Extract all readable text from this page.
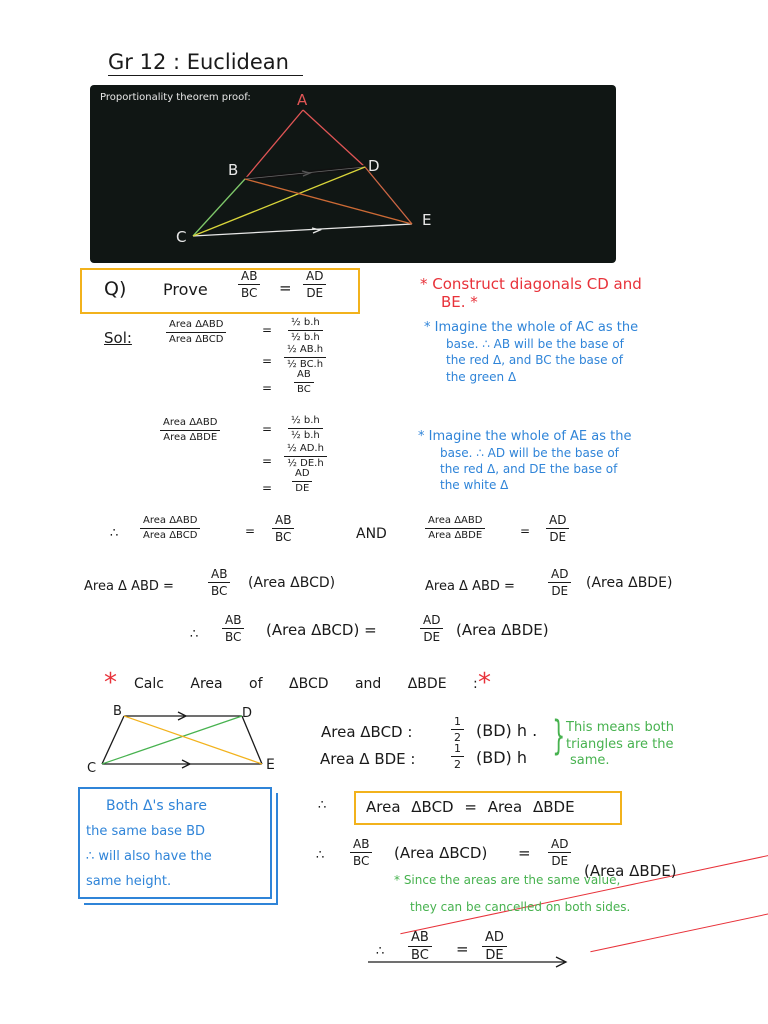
Gr 12 : Euclidean
Proportionality theorem proof:	A
B
C
D
E
Q) Prove	$\frac{AB}{BC} = \frac{AD}{DE}$	* Construct diagonals CD and
BE. *
Sol:
Area ΔABD
Area ΔBCD
= $\frac{\text{½ b.h}}{\text{½ b.h}}$
= $\frac{\text{½ AB.h}}{\text{½ BC.h}}$
= $\frac{AB}{BC}$
* Imagine the whole of AC as the
base. ∴ AB will be the base of
the red Δ, and BC the base of
the green Δ
Area ΔABD
Area ΔBDE
= $\frac{\text{½ b.h}}{\text{½ b.h}}$
= $\frac{\text{½ AD.h}}{\text{½ DE.h}}$
= $\frac{AD}{DE}$
* Imagine the whole of AE as the
base. ∴ AD will be the base of
the red Δ, and DE the base of
the white Δ
∴
Area ΔABD
Area ΔBCD	= $\frac{AB}{BC}$	AND
Area ΔABD
Area ΔBDE	= $\frac{AD}{DE}$
Area Δ ABD =	$\frac{AB}{BC}$ (Area ΔBCD)	Area Δ ABD =	$\frac{AD}{DE}$ (Area ΔBDE)
∴ $\frac{AB}{BC}$ (Area ΔBCD) =	$\frac{AD}{DE}$ (Area ΔBDE)
* Calc Area of ΔBCD and ΔBDE : *
B	D
C	E
Area ΔBCD :	$\frac{1}{2} (BD)$ h .
Area Δ BDE :	$\frac{1}{2} (BD)$ h } This means both
triangles are the
same.
Both Δ's share
the same base BD
∴ will also have the
same height.
∴	Area ΔBCD = Area ΔBDE
∴ $\frac{AB}{BC}$ (Area ΔBCD)	= $\frac{AD}{DE}$
(Area ΔBDE)
* Since the areas are the same value,
they can be cancelled on both sides.
∴ $\frac{AB}{BC} = \frac{AD}{DE}$
